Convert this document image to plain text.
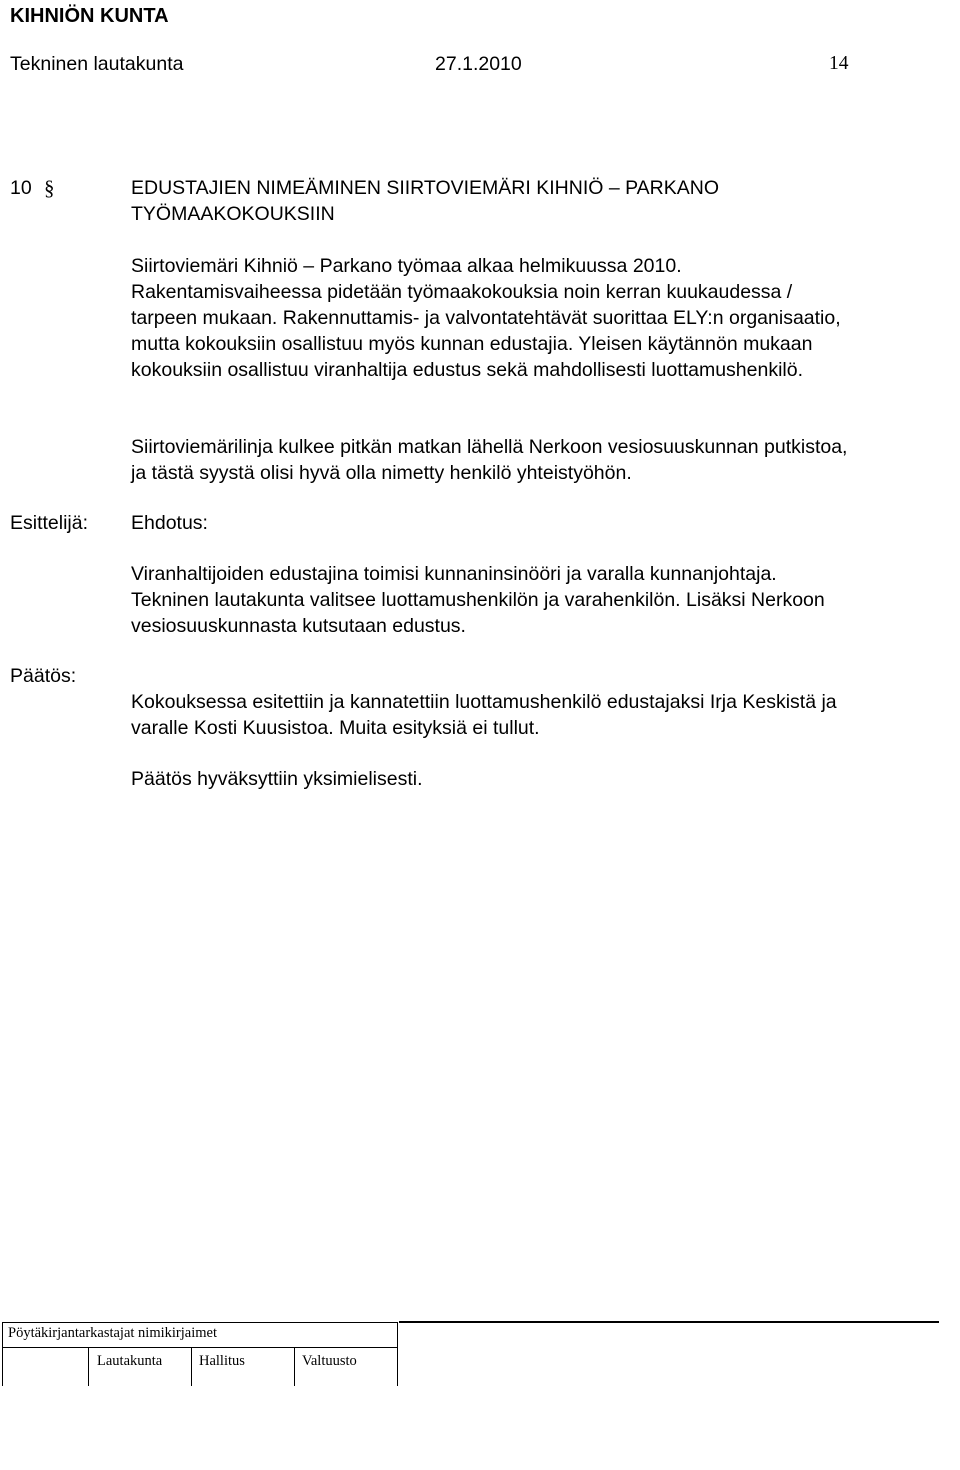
KIHNIÖN KUNTA
Tekninen lautakunta	27.1.2010	14
10 §	EDUSTAJIEN NIMEÄMINEN SIIRTOVIEMÄRI KIHNIÖ – PARKANO
TYÖMAAKOKOUKSIIN

Siirtoviemäri Kihniö – Parkano työmaa alkaa helmikuussa 2010.

Rakentamisvaiheessa pidetään työmaakokouksia noin kerran kuukaudessa /

tarpeen mukaan. Rakennuttamis- ja valvontatehtävät suorittaa ELY:n organisaatio,

mutta kokouksiin osallistuu myös kunnan edustajia. Yleisen käytännön mukaan

kokouksiin osallistuu viranhaltija edustus sekä mahdollisesti luottamushenkilö.

Siirtoviemärilinja kulkee pitkän matkan lähellä Nerkoon vesiosuuskunnan putkistoa,

ja tästä syystä olisi hyvä olla nimetty henkilö yhteistyöhön.

Esittelijä: Ehdotus:

Viranhaltijoiden edustajina toimisi kunnaninsinööri ja varalla kunnanjohtaja.

Tekninen lautakunta valitsee luottamushenkilön ja varahenkilön. Lisäksi Nerkoon

vesiosuuskunnasta kutsutaan edustus.

Päätös:

Kokouksessa esitettiin ja kannatettiin luottamushenkilö edustajaksi Irja Keskistä ja

varalle Kosti Kuusistoa. Muita esityksiä ei tullut.

Päätös hyväksyttiin yksimielisesti.
Pöytäkirjantarkastajat nimikirjaimet
Lautakunta	Hallitus	Valtuusto
